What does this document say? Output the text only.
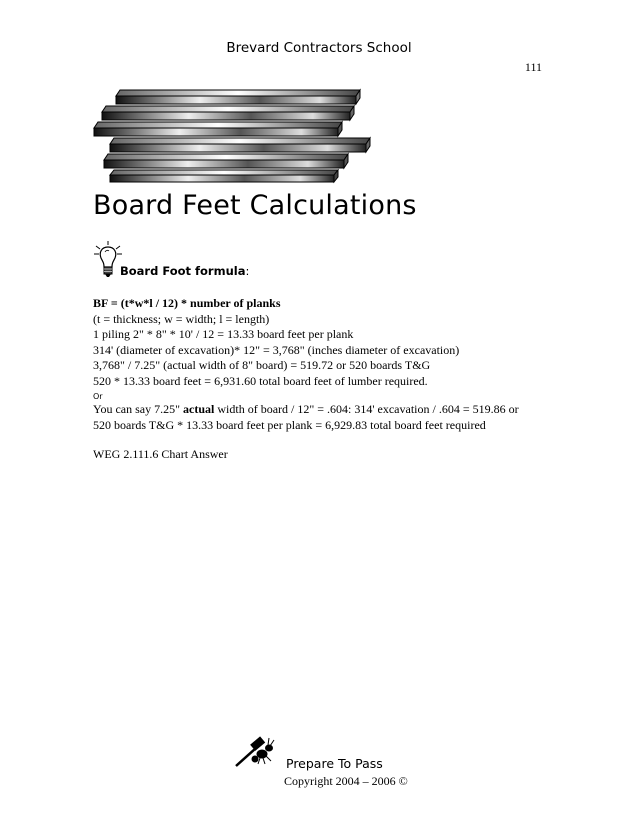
Brevard Contractors School
111
Board Feet Calculations
Board Foot formula:

BF = (t*w*l / 12) * number of planks

(t = thickness; w = width; l = length)

1 piling 2" * 8" * 10' / 12 = 13.33 board feet per plank

314' (diameter of excavation)* 12" = 3,768" (inches diameter of excavation)

3,768" / 7.25" (actual width of 8" board) = 519.72 or 520 boards T&G

520 * 13.33 board feet = 6,931.60 total board feet of lumber required.

Or

You can say 7.25" actual width of board / 12" = .604: 314' excavation / .604 = 519.86 or

520 boards T&G * 13.33 board feet per plank = 6,929.83 total board feet required

WEG 2.111.6 Chart Answer

Prepare To Pass
Copyright 2004 – 2006 ©
